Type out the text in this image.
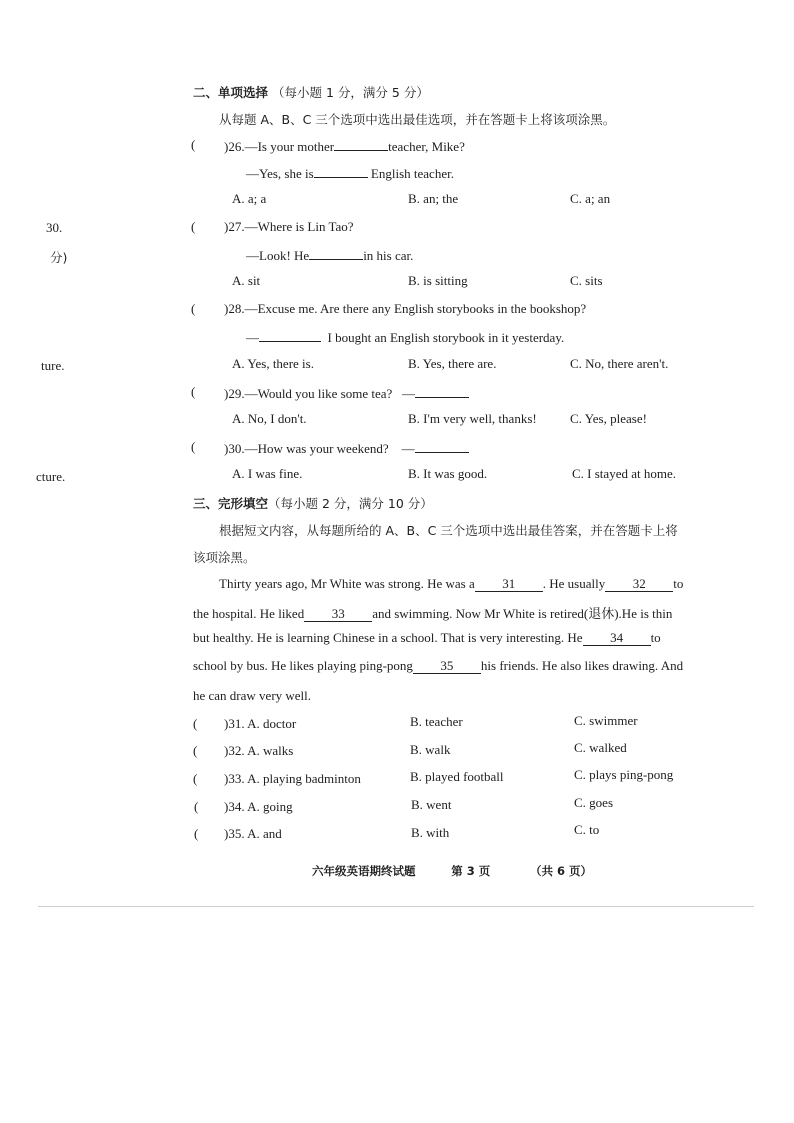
30.
分)
ture.
cture.
二、单项选择 （每小题 1 分，满分 5 分）
从每题 A、B、C 三个选项中选出最佳选项，并在答题卡上将该项涂黑。
( )26.—Is your mother	teacher, Mike?
—Yes, she is	English teacher.
A. a; a	B. an; the	C. a; an
( )27.—Where is Lin Tao?
—Look! He	in his car.
A. sit	B. is sitting	C. sits
( )28.—Excuse me. Are there any English storybooks in the bookshop?
—	I bought an English storybook in it yesterday.
A. Yes, there is.	B. Yes, there are.	C. No, there aren't.
( )29.—Would you like some tea? —
A. No, I don't.	B. I'm very well, thanks!	C. Yes, please!
( )30.—How was your weekend? —
A. I was fine.	B. It was good.	C. I stayed at home.
三、完形填空（每小题 2 分，满分 10 分）
根据短文内容，从每题所给的 A、B、C 三个选项中选出最佳答案，并在答题卡上将
该项涂黑。
Thirty years ago, Mr White was strong. He was a 31 . He usually 32 to
the hospital. He liked 33 and swimming. Now Mr White is retired(退休).He is thin
but healthy. He is learning Chinese in a school. That is very interesting. He 34 to
school by bus. He likes playing ping-pong 35 his friends. He also likes drawing. And
he can draw very well.
( )31. A. doctor	B. teacher	C. swimmer
( )32. A. walks	B. walk	C. walked
( )33. A. playing badminton	B. played football	C. plays ping-pong
( )34. A. going	B. went	C. goes
( )35. A. and	B. with	C. to
六年级英语期终试题	第 3 页	（共 6 页）
